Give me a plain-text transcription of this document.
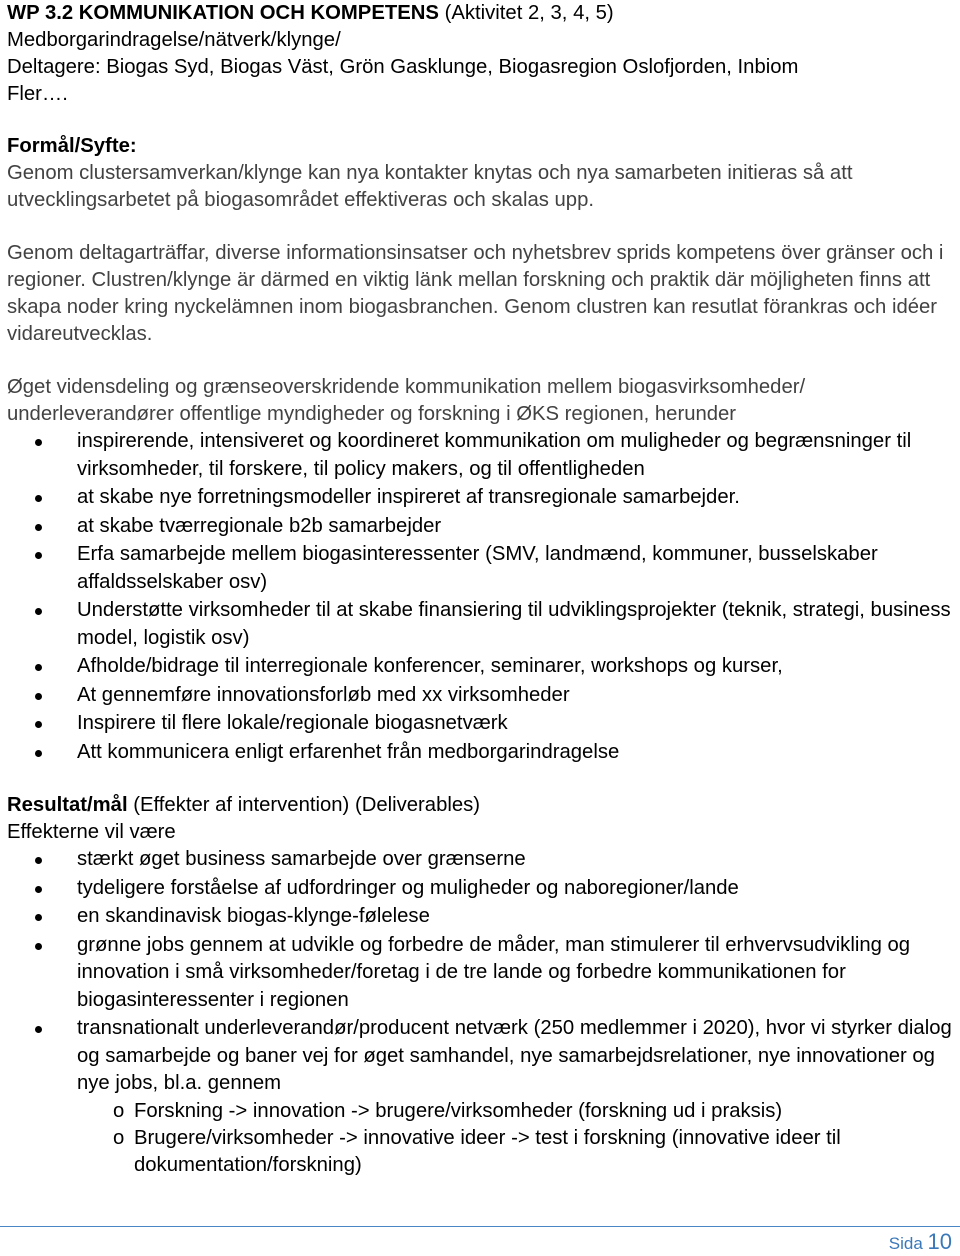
WP 3.2 KOMMUNIKATION OCH KOMPETENS (Aktivitet 2, 3, 4, 5)

Medborgarindragelse/nätverk/klynge/

Deltagere: Biogas Syd, Biogas Väst, Grön Gasklunge, Biogasregion Oslofjorden, Inbiom

Fler….

Formål/Syfte:

Genom clustersamverkan/klynge kan nya kontakter knytas och nya samarbeten initieras så att utvecklingsarbetet på biogasområdet effektiveras och skalas upp.

Genom deltagarträffar, diverse informationsinsatser och nyhetsbrev sprids kompetens över gränser och i regioner. Clustren/klynge är därmed en viktig länk mellan forskning och praktik där möjligheten finns att skapa noder kring nyckelämnen inom biogasbranchen. Genom clustren kan resutlat förankras och idéer vidareutvecklas.

Øget vidensdeling og grænseoverskridende kommunikation mellem biogasvirksomheder/ underleverandører offentlige myndigheder og forskning i ØKS regionen, herunder

inspirerende, intensiveret og koordineret kommunikation om muligheder og begrænsninger til virksomheder, til forskere, til policy makers, og til offentligheden
at skabe nye forretningsmodeller inspireret af transregionale samarbejder.
at skabe tværregionale b2b samarbejder
Erfa samarbejde mellem biogasinteressenter (SMV, landmænd, kommuner, busselskaber affaldsselskaber osv)
Understøtte virksomheder til at skabe finansiering til udviklingsprojekter (teknik, strategi, business model, logistik osv)
Afholde/bidrage til interregionale konferencer, seminarer, workshops og kurser,
At gennemføre innovationsforløb med xx virksomheder
Inspirere til flere lokale/regionale biogasnetværk
Att kommunicera enligt erfarenhet från medborgarindragelse

Resultat/mål (Effekter af intervention) (Deliverables)

Effekterne vil være

stærkt øget business samarbejde over grænserne
tydeligere forståelse af udfordringer og muligheder og naboregioner/lande
en skandinavisk biogas-klynge-følelese
grønne jobs gennem at udvikle og forbedre de måder, man stimulerer til erhvervsudvikling og innovation i små virksomheder/foretag i de tre lande og forbedre kommunikationen for biogasinteressenter i regionen
transnationalt underleverandør/producent netværk (250 medlemmer i 2020), hvor vi styrker dialog og samarbejde og baner vej for øget samhandel, nye samarbejdsrelationer, nye innovationer og nye jobs, bl.a. gennem
o Forskning -> innovation -> brugere/virksomheder (forskning ud i praksis)
o Brugere/virksomheder -> innovative ideer -> test i forskning (innovative ideer til dokumentation/forskning)
Sida 10
